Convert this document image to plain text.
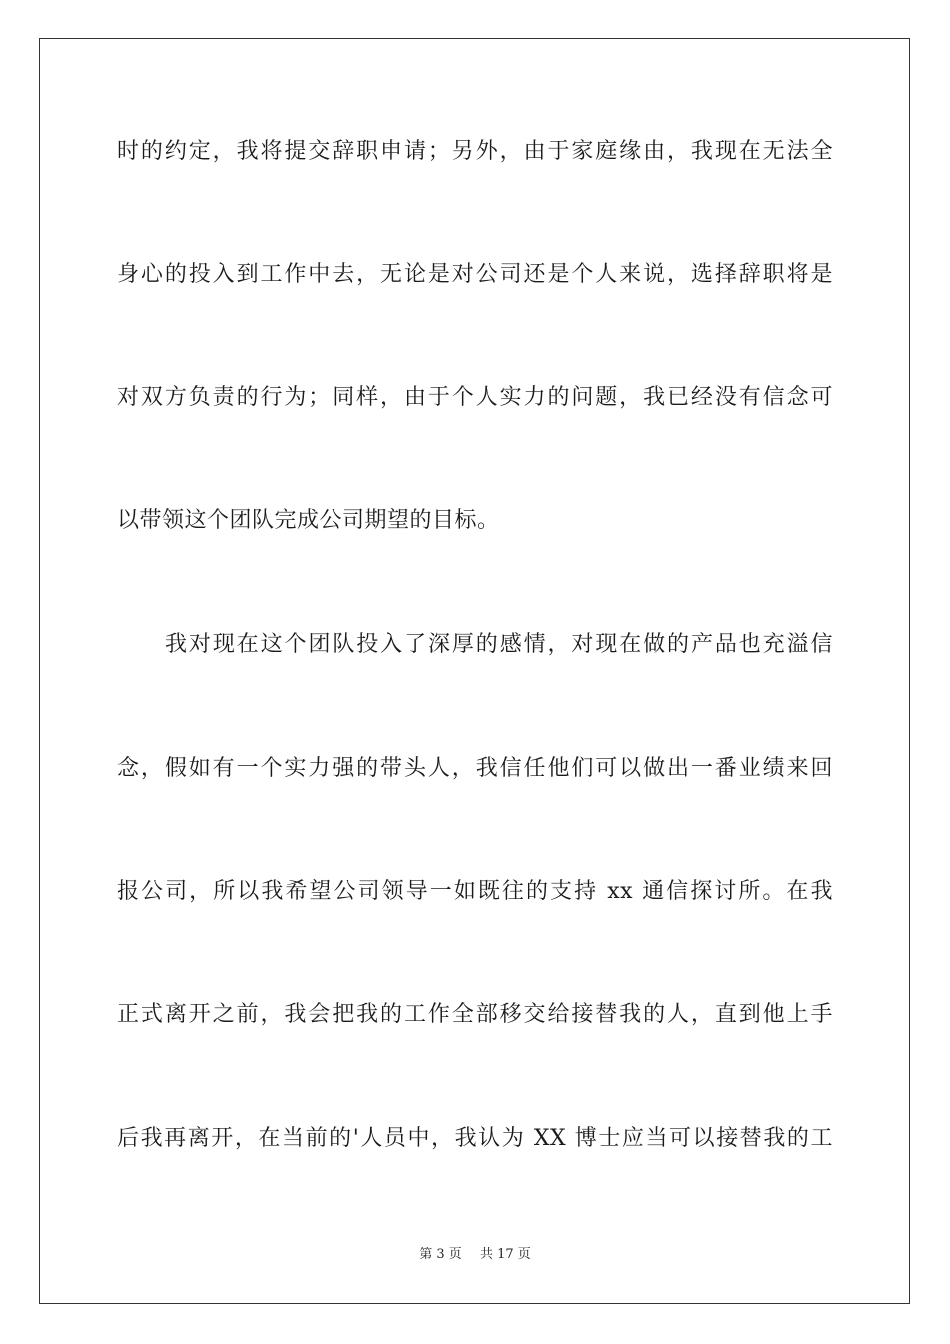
时的约定，我将提交辞职申请；另外，由于家庭缘由，我现在无法全
身心的投入到工作中去，无论是对公司还是个人来说，选择辞职将是
对双方负责的行为；同样，由于个人实力的问题，我已经没有信念可
以带领这个团队完成公司期望的目标。
我对现在这个团队投入了深厚的感情，对现在做的产品也充溢信
念，假如有一个实力强的带头人，我信任他们可以做出一番业绩来回
报公司，所以我希望公司领导一如既往的支持 xx 通信探讨所。在我
正式离开之前，我会把我的工作全部移交给接替我的人，直到他上手
后我再离开，在当前的'人员中，我认为 XX 博士应当可以接替我的工
第 3 页 共 17 页
